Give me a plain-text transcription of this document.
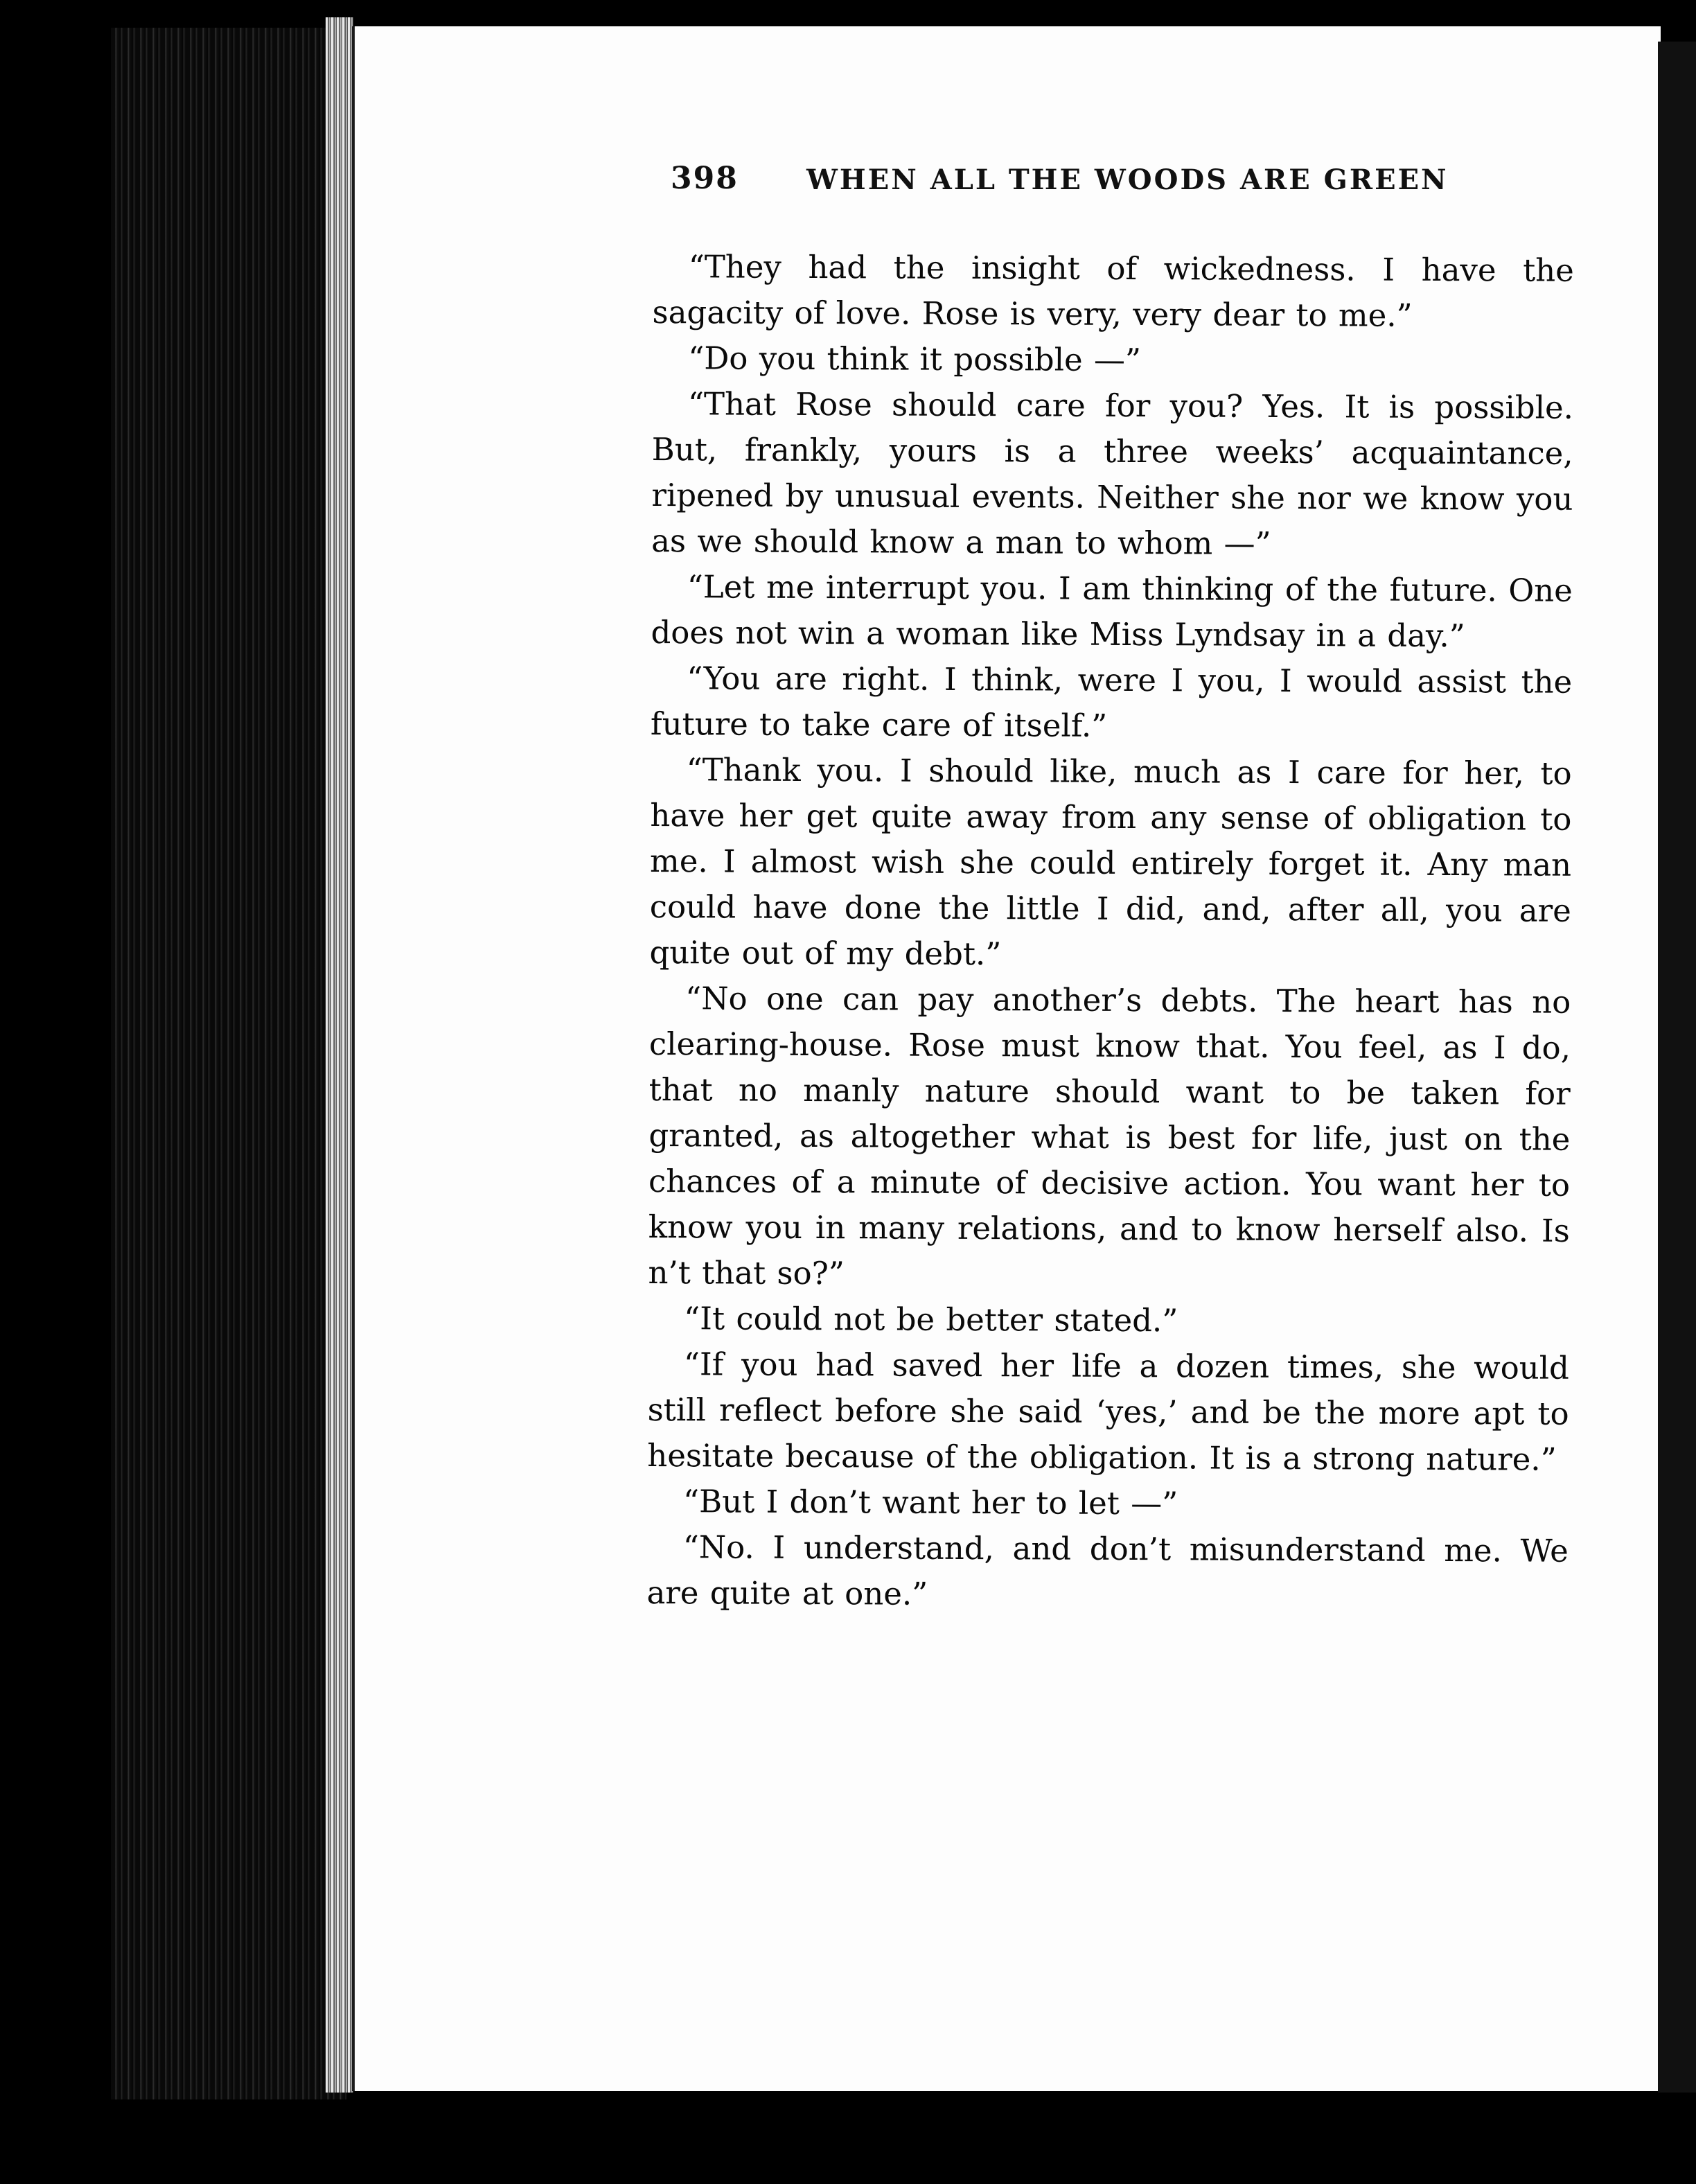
398 WHEN ALL THE WOODS ARE GREEN

“They had the insight of wickedness. I have the sagacity of love. Rose is very, very dear to me.”

“Do you think it possible —”

“That Rose should care for you? Yes. It is possible. But, frankly, yours is a three weeks’ acquaintance, ripened by unusual events. Neither she nor we know you as we should know a man to whom —”

“Let me interrupt you. I am thinking of the future. One does not win a woman like Miss Lyndsay in a day.”

“You are right. I think, were I you, I would assist the future to take care of itself.”

“Thank you. I should like, much as I care for her, to have her get quite away from any sense of obligation to me. I almost wish she could entirely forget it. Any man could have done the little I did, and, after all, you are quite out of my debt.”

“No one can pay another’s debts. The heart has no clearing-house. Rose must know that. You feel, as I do, that no manly nature should want to be taken for granted, as altogether what is best for life, just on the chances of a minute of decisive action. You want her to know you in many relations, and to know herself also. Is n’t that so?”

“It could not be better stated.”

“If you had saved her life a dozen times, she would still reflect before she said ‘yes,’ and be the more apt to hesitate because of the obligation. It is a strong nature.”

“But I don’t want her to let —”

“No. I understand, and don’t misunderstand me. We are quite at one.”
